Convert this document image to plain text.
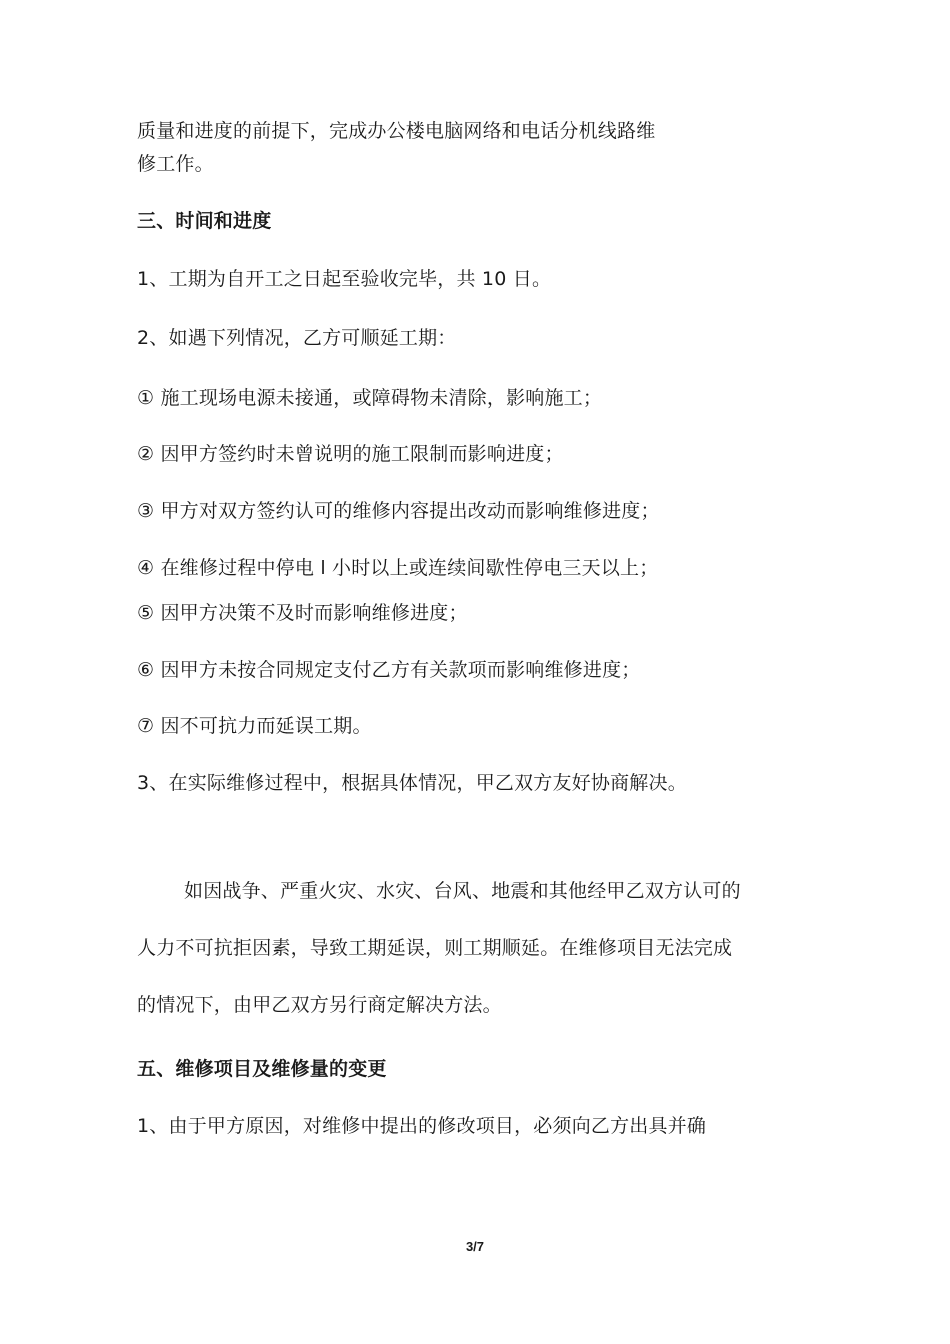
质量和进度的前提下，完成办公楼电脑网络和电话分机线路维
修工作。
三、时间和进度
1、工期为自开工之日起至验收完毕，共 10 日。
2、如遇下列情况，乙方可顺延工期：
① 施工现场电源未接通，或障碍物未清除，影响施工；
② 因甲方签约时未曾说明的施工限制而影响进度；
③ 甲方对双方签约认可的维修内容提出改动而影响维修进度；
④ 在维修过程中停电 l 小时以上或连续间歇性停电三天以上；
⑤ 因甲方决策不及时而影响维修进度；
⑥ 因甲方未按合同规定支付乙方有关款项而影响维修进度；
⑦ 因不可抗力而延误工期。
3、在实际维修过程中，根据具体情况，甲乙双方友好协商解决。
如因战争、严重火灾、水灾、台风、地震和其他经甲乙双方认可的
人力不可抗拒因素，导致工期延误，则工期顺延。在维修项目无法完成
的情况下，由甲乙双方另行商定解决方法。
五、维修项目及维修量的变更
1、由于甲方原因，对维修中提出的修改项目，必须向乙方出具并确
3/7
